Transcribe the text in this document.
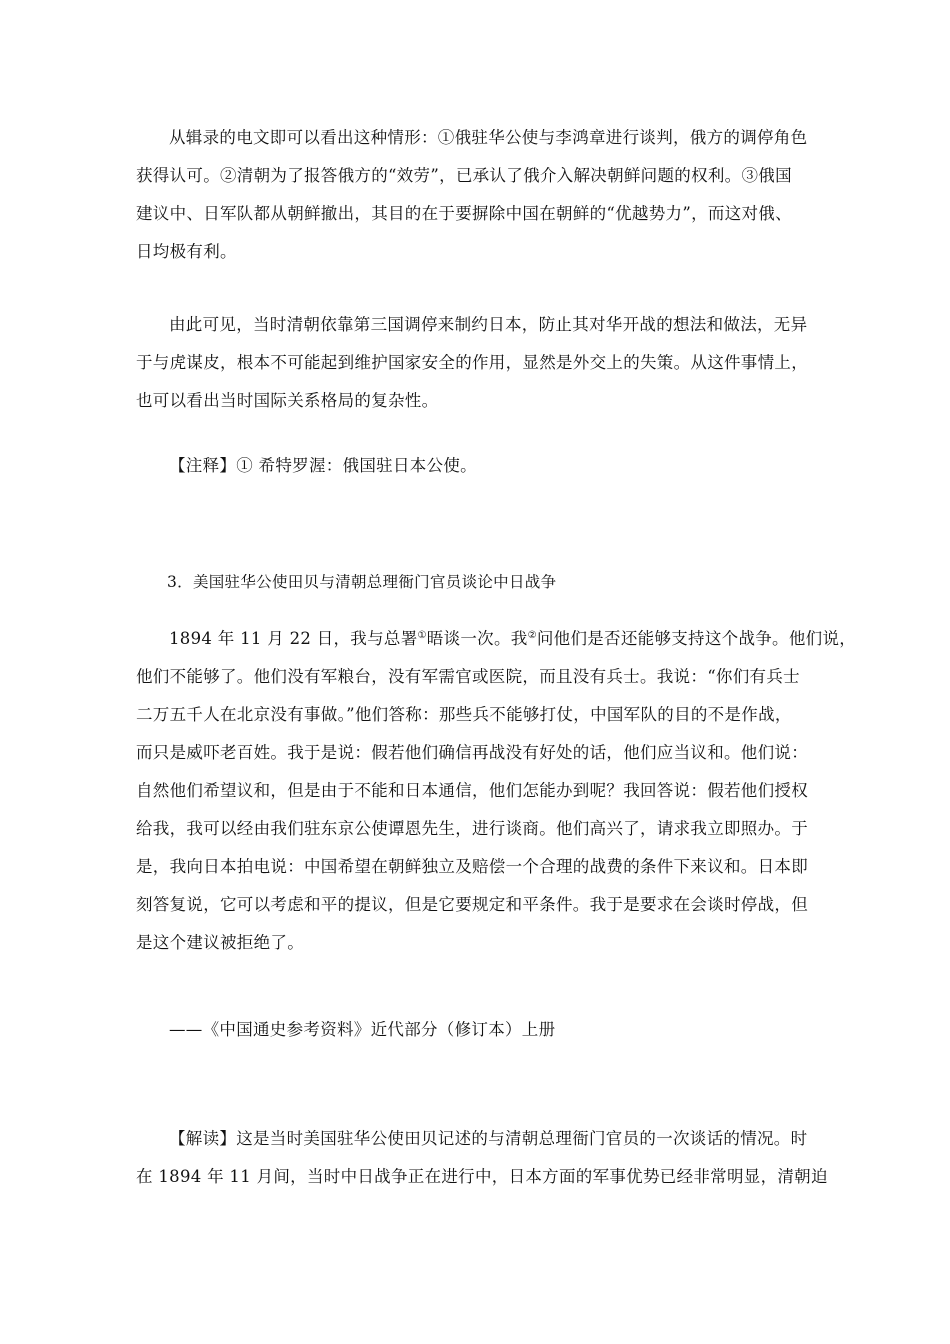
从辑录的电文即可以看出这种情形：①俄驻华公使与李鸿章进行谈判，俄方的调停角色
获得认可。②清朝为了报答俄方的“效劳”，已承认了俄介入解决朝鲜问题的权利。③俄国
建议中、日军队都从朝鲜撤出，其目的在于要摒除中国在朝鲜的“优越势力”，而这对俄、
日均极有利。

由此可见，当时清朝依靠第三国调停来制约日本，防止其对华开战的想法和做法，无异
于与虎谋皮，根本不可能起到维护国家安全的作用，显然是外交上的失策。从这件事情上，
也可以看出当时国际关系格局的复杂性。

【注释】① 希特罗渥：俄国驻日本公使。

3．美国驻华公使田贝与清朝总理衙门官员谈论中日战争

1894 年 11 月 22 日，我与总署①晤谈一次。我②问他们是否还能够支持这个战争。他们说，
他们不能够了。他们没有军粮台，没有军需官或医院，而且没有兵士。我说：“你们有兵士
二万五千人在北京没有事做。”他们答称：那些兵不能够打仗，中国军队的目的不是作战，
而只是威吓老百姓。我于是说：假若他们确信再战没有好处的话，他们应当议和。他们说：
自然他们希望议和，但是由于不能和日本通信，他们怎能办到呢？我回答说：假若他们授权
给我，我可以经由我们驻东京公使谭恩先生，进行谈商。他们高兴了，请求我立即照办。于
是，我向日本拍电说：中国希望在朝鲜独立及赔偿一个合理的战费的条件下来议和。日本即
刻答复说，它可以考虑和平的提议，但是它要规定和平条件。我于是要求在会谈时停战，但
是这个建议被拒绝了。

——《中国通史参考资料》近代部分（修订本）上册

【解读】这是当时美国驻华公使田贝记述的与清朝总理衙门官员的一次谈话的情况。时
在 1894 年 11 月间，当时中日战争正在进行中，日本方面的军事优势已经非常明显，清朝迫
